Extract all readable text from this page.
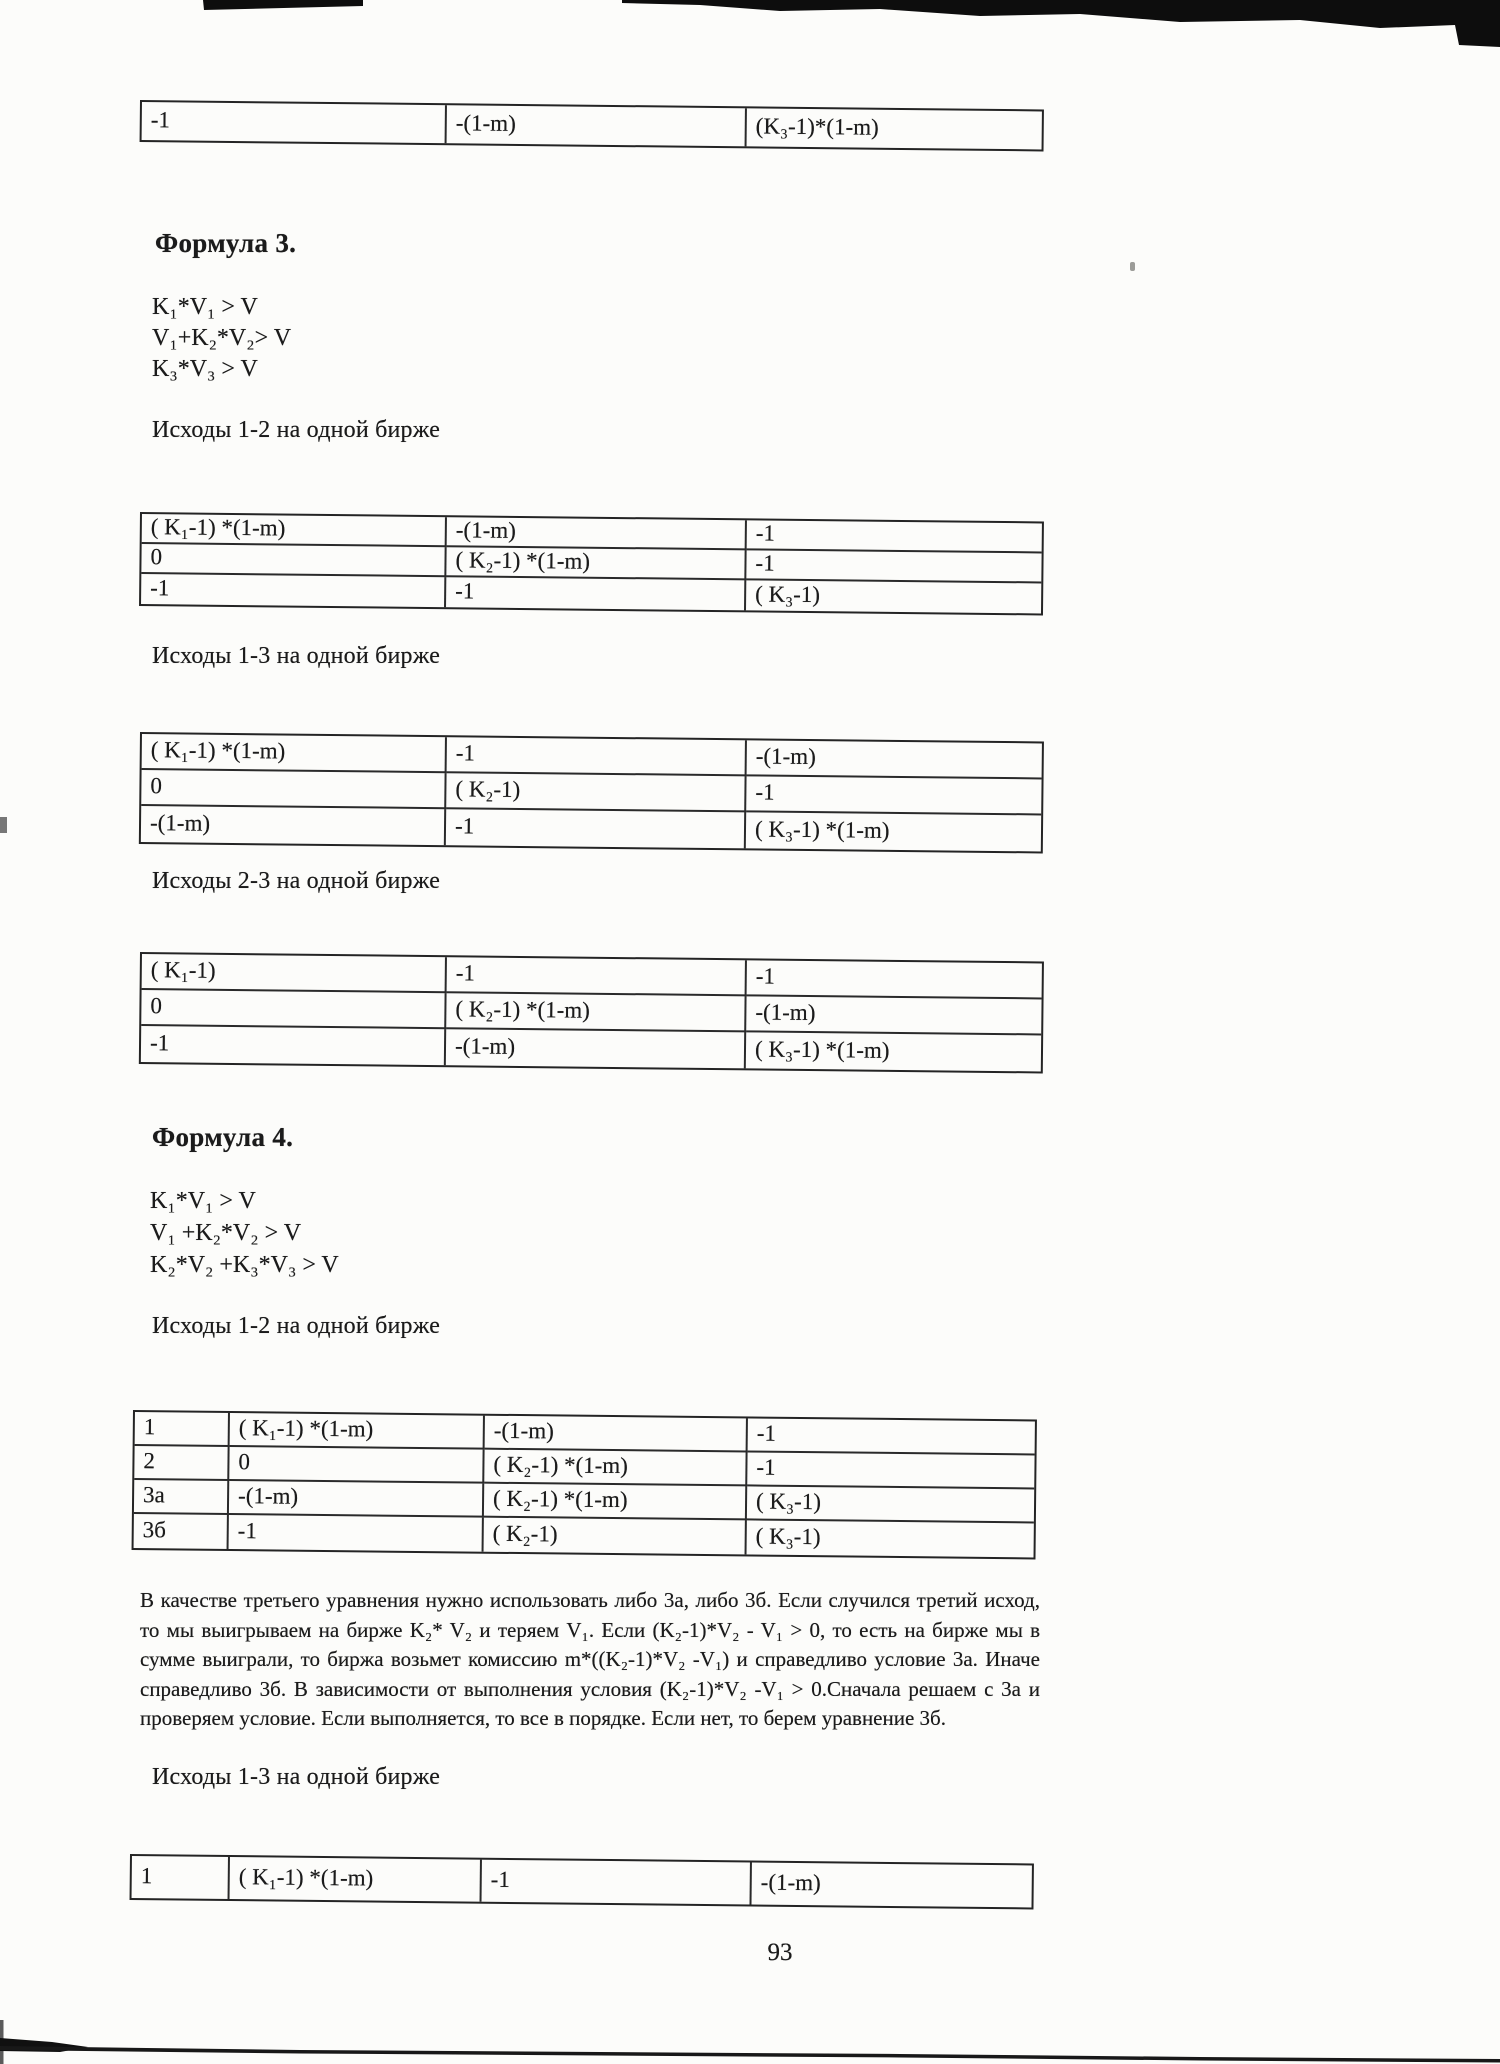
-1	-(1-m)	(K₃-1)*(1-m)
Формула 3.
K₁*V₁ > V
V₁+K₂*V₂> V
K₃*V₃ > V
Исходы 1-2 на одной бирже
( K₁-1) *(1-m)	-(1-m)	-1
0	( K₂-1) *(1-m)	-1
-1	-1	( K₃-1)
Исходы 1-3 на одной бирже
( K₁-1) *(1-m)	-1	-(1-m)
0	( K₂-1)	-1
-(1-m)	-1	( K₃-1) *(1-m)
Исходы 2-3 на одной бирже
( K₁-1)	-1	-1
0	( K₂-1) *(1-m)	-(1-m)
-1	-(1-m)	( K₃-1) *(1-m)
Формула 4.
K₁*V₁ > V
V₁ +K₂*V₂ > V
K₂*V₂ +K₃*V₃ > V
Исходы 1-2 на одной бирже
1	( K₁-1) *(1-m)	-(1-m)	-1
2	0	( K₂-1) *(1-m)	-1
3а	-(1-m)	( K₂-1) *(1-m)	( K₃-1)
3б	-1	( K₂-1)	( K₃-1)
В качестве третьего уравнения нужно использовать либо 3а, либо 3б. Если случился третий исход,
то мы выигрываем на бирже K₂* V₂ и теряем V₁. Если (K₂-1)*V₂ - V₁ > 0, то есть на бирже мы в
сумме выиграли, то биржа возьмет комиссию m*((K₂-1)*V₂ -V₁) и справедливо условие 3а. Иначе
справедливо 3б. В зависимости от выполнения условия (K₂-1)*V₂ -V₁ > 0.Сначала решаем с 3а и
проверяем условие. Если выполняется, то все в порядке. Если нет, то берем уравнение 3б.
Исходы 1-3 на одной бирже
1	( K₁-1) *(1-m)	-1	-(1-m)
93
